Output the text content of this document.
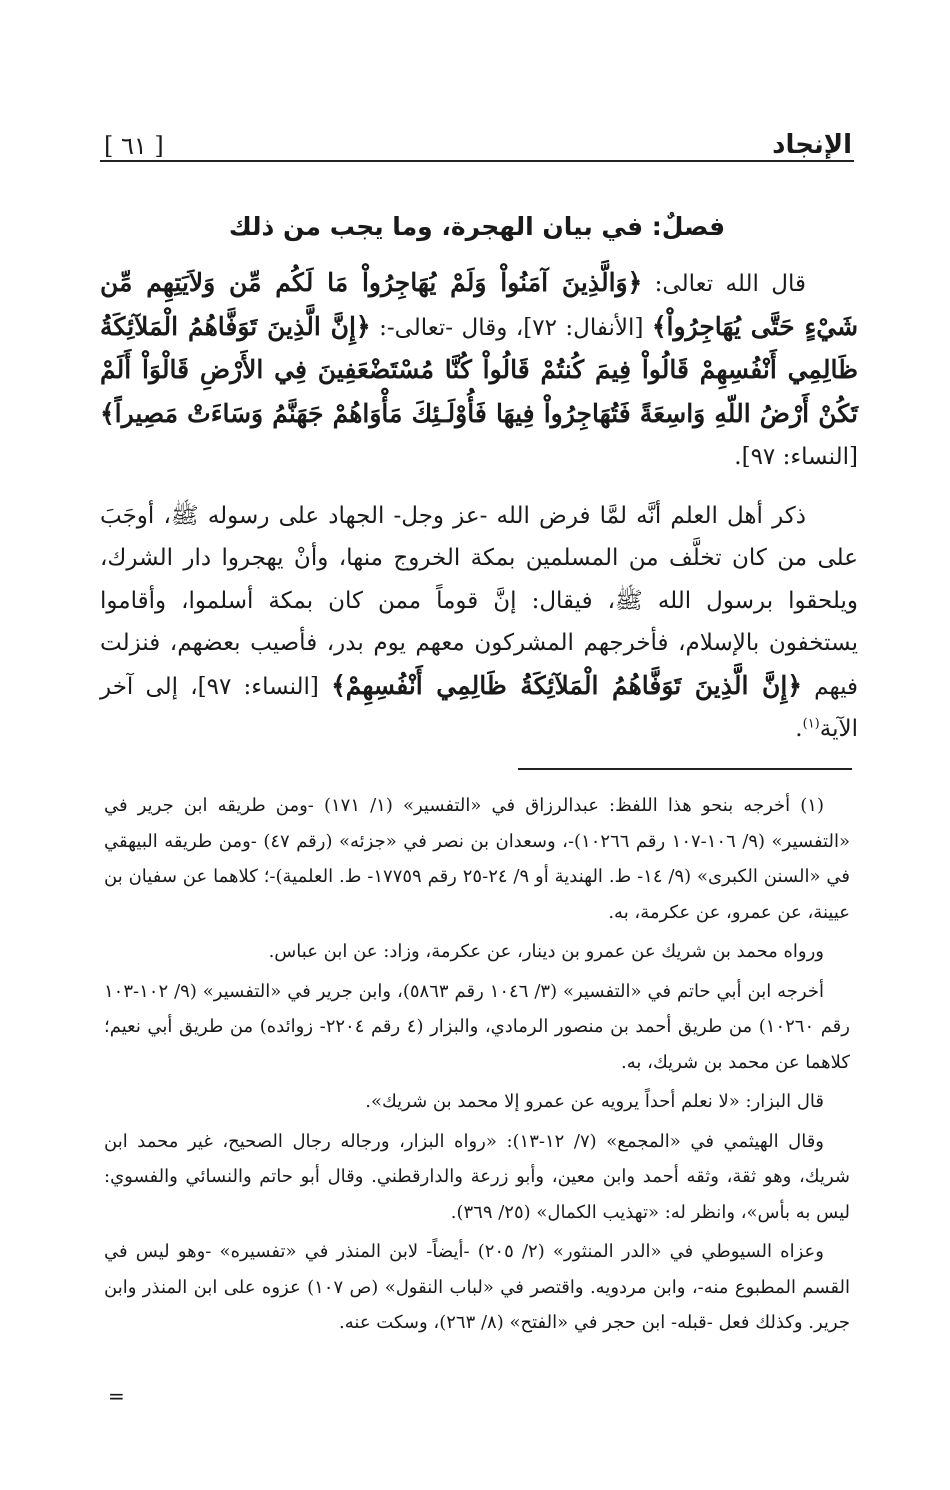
الإنجاد
[ ٦١ ]
فصلٌ: في بيان الهجرة، وما يجب من ذلك

قال الله تعالى: ﴿وَالَّذِينَ آمَنُواْ وَلَمْ يُهَاجِرُواْ مَا لَكُم مِّن وَلاَيَتِهِم مِّن شَيْءٍ حَتَّى يُهَاجِرُواْ﴾ [الأنفال: ٧٢]، وقال -تعالى-: ﴿إِنَّ الَّذِينَ تَوَفَّاهُمُ الْمَلآئِكَةُ ظَالِمِي أَنْفُسِهِمْ قَالُواْ فِيمَ كُنتُمْ قَالُواْ كُنَّا مُسْتَضْعَفِينَ فِي الأَرْضِ قَالْوَاْ أَلَمْ تَكُنْ أَرْضُ اللّهِ وَاسِعَةً فَتُهَاجِرُواْ فِيهَا فَأُوْلَـئِكَ مَأْوَاهُمْ جَهَنَّمُ وَسَاءَتْ مَصِيراً﴾ [النساء: ٩٧].

ذكر أهل العلم أنَّه لمَّا فرض الله -عز وجل- الجهاد على رسوله ﷺ، أوجَبَ على من كان تخلَّف من المسلمين بمكة الخروج منها، وأنْ يهجروا دار الشرك، ويلحقوا برسول الله ﷺ، فيقال: إنَّ قوماً ممن كان بمكة أسلموا، وأقاموا يستخفون بالإسلام، فأخرجهم المشركون معهم يوم بدر، فأصيب بعضهم، فنزلت فيهم ﴿إِنَّ الَّذِينَ تَوَفَّاهُمُ الْمَلآئِكَةُ ظَالِمِي أَنْفُسِهِمْ﴾ [النساء: ٩٧]، إلى آخر الآية$^{(١)}$.

(١) أخرجه بنحو هذا اللفظ: عبدالرزاق في «التفسير» (١/ ١٧١) -ومن طريقه ابن جرير في «التفسير» (٩/ ١٠٦-١٠٧ رقم ١٠٢٦٦)-، وسعدان بن نصر في «جزئه» (رقم ٤٧) -ومن طريقه البيهقي في «السنن الكبرى» (٩/ ١٤- ط. الهندية أو ٩/ ٢٤-٢٥ رقم ١٧٧٥٩- ط. العلمية)-؛ كلاهما عن سفيان بن عيينة، عن عمرو، عن عكرمة، به.

ورواه محمد بن شريك عن عمرو بن دينار، عن عكرمة، وزاد: عن ابن عباس.

أخرجه ابن أبي حاتم في «التفسير» (٣/ ١٠٤٦ رقم ٥٨٦٣)، وابن جرير في «التفسير» (٩/ ١٠٢-١٠٣ رقم ١٠٢٦٠) من طريق أحمد بن منصور الرمادي، والبزار (٤ رقم ٢٢٠٤- زوائده) من طريق أبي نعيم؛ كلاهما عن محمد بن شريك، به.

قال البزار: «لا نعلم أحداً يرويه عن عمرو إلا محمد بن شريك».

وقال الهيثمي في «المجمع» (٧/ ١٢-١٣): «رواه البزار، ورجاله رجال الصحيح، غير محمد ابن شريك، وهو ثقة، وثقه أحمد وابن معين، وأبو زرعة والدارقطني. وقال أبو حاتم والنسائي والفسوي: ليس به بأس»، وانظر له: «تهذيب الكمال» (٢٥/ ٣٦٩).

وعزاه السيوطي في «الدر المنثور» (٢/ ٢٠٥) -أيضاً- لابن المنذر في «تفسيره» -وهو ليس في القسم المطبوع منه-، وابن مردويه. واقتصر في «لباب النقول» (ص ١٠٧) عزوه على ابن المنذر وابن جرير. وكذلك فعل -قبله- ابن حجر في «الفتح» (٨/ ٢٦٣)، وسكت عنه.

=
